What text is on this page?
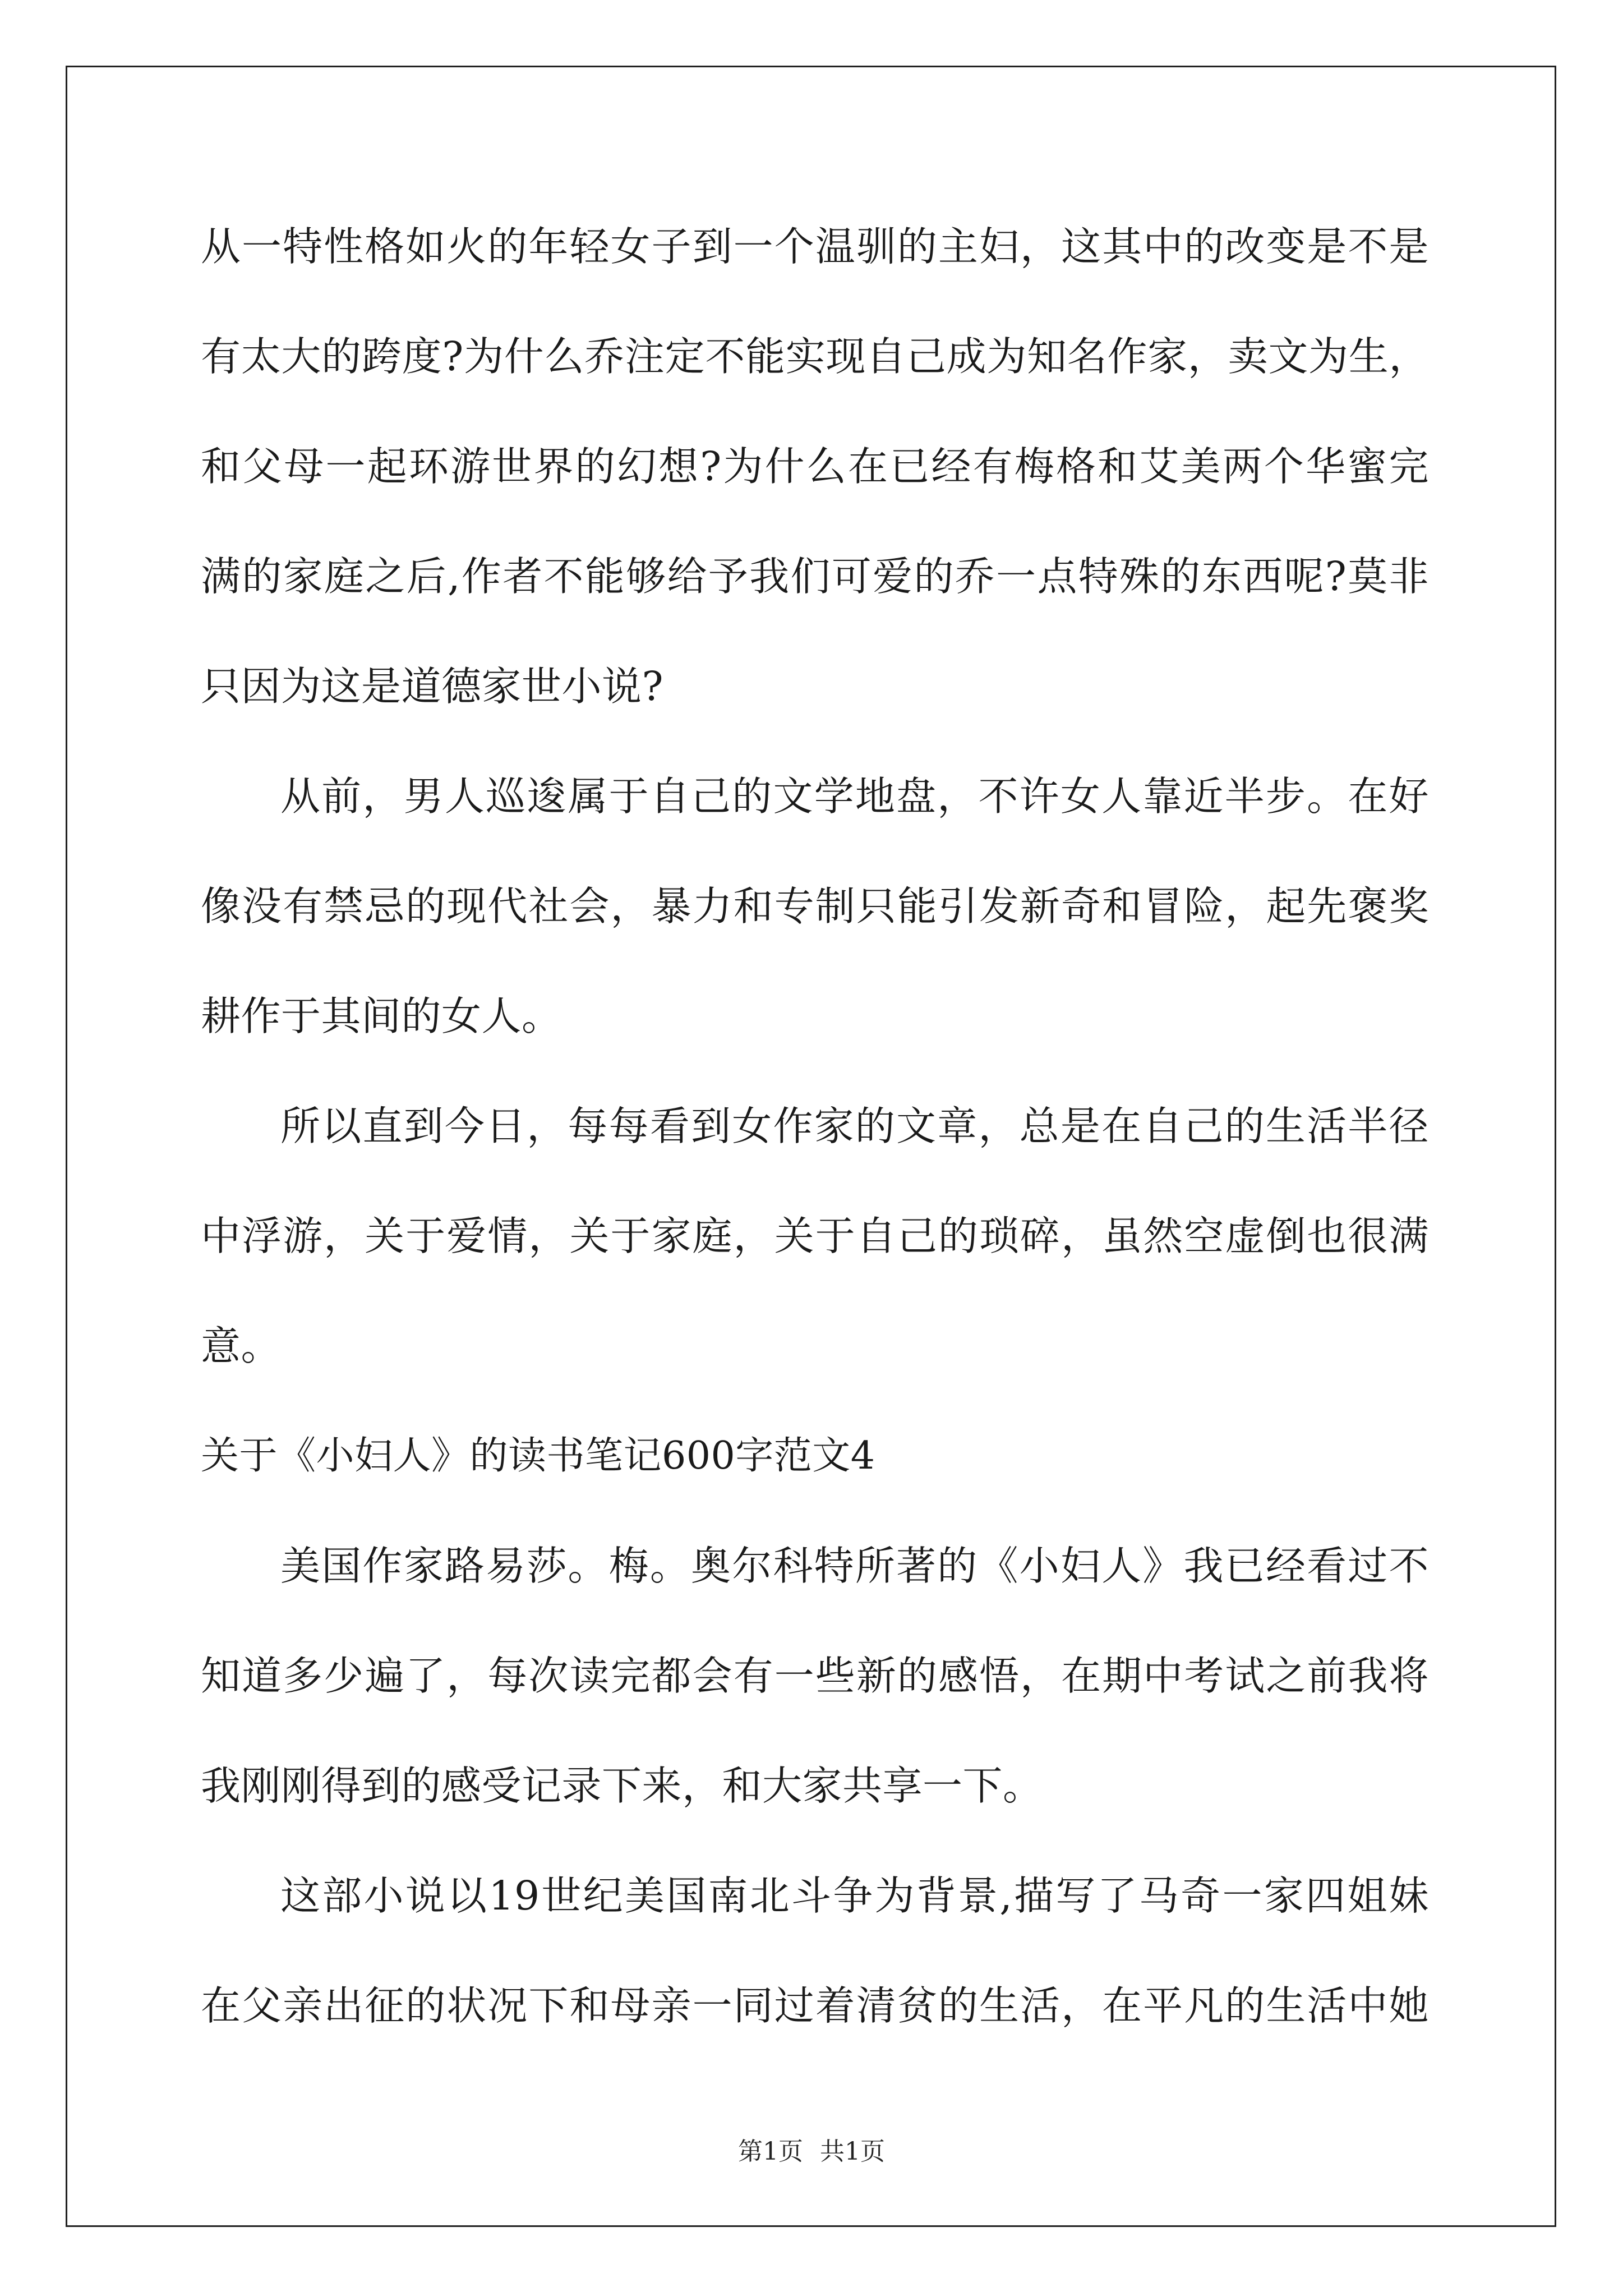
从一特性格如火的年轻女子到一个温驯的主妇，这其中的改变是不是
有太大的跨度?为什么乔注定不能实现自己成为知名作家，卖文为生，
和父母一起环游世界的幻想?为什么在已经有梅格和艾美两个华蜜完
满的家庭之后,作者不能够给予我们可爱的乔一点特殊的东西呢?莫非
只因为这是道德家世小说?
从前，男人巡逡属于自己的文学地盘，不许女人靠近半步。在好
像没有禁忌的现代社会，暴力和专制只能引发新奇和冒险，起先褒奖
耕作于其间的女人。
所以直到今日，每每看到女作家的文章，总是在自己的生活半径
中浮游，关于爱情，关于家庭，关于自己的琐碎，虽然空虚倒也很满
意。
关于《小妇人》的读书笔记600字范文4
美国作家路易莎。梅。奥尔科特所著的《小妇人》我已经看过不
知道多少遍了，每次读完都会有一些新的感悟，在期中考试之前我将
我刚刚得到的感受记录下来，和大家共享一下。
这部小说以19世纪美国南北斗争为背景,描写了马奇一家四姐妹
在父亲出征的状况下和母亲一同过着清贫的生活，在平凡的生活中她
第1页 共1页
